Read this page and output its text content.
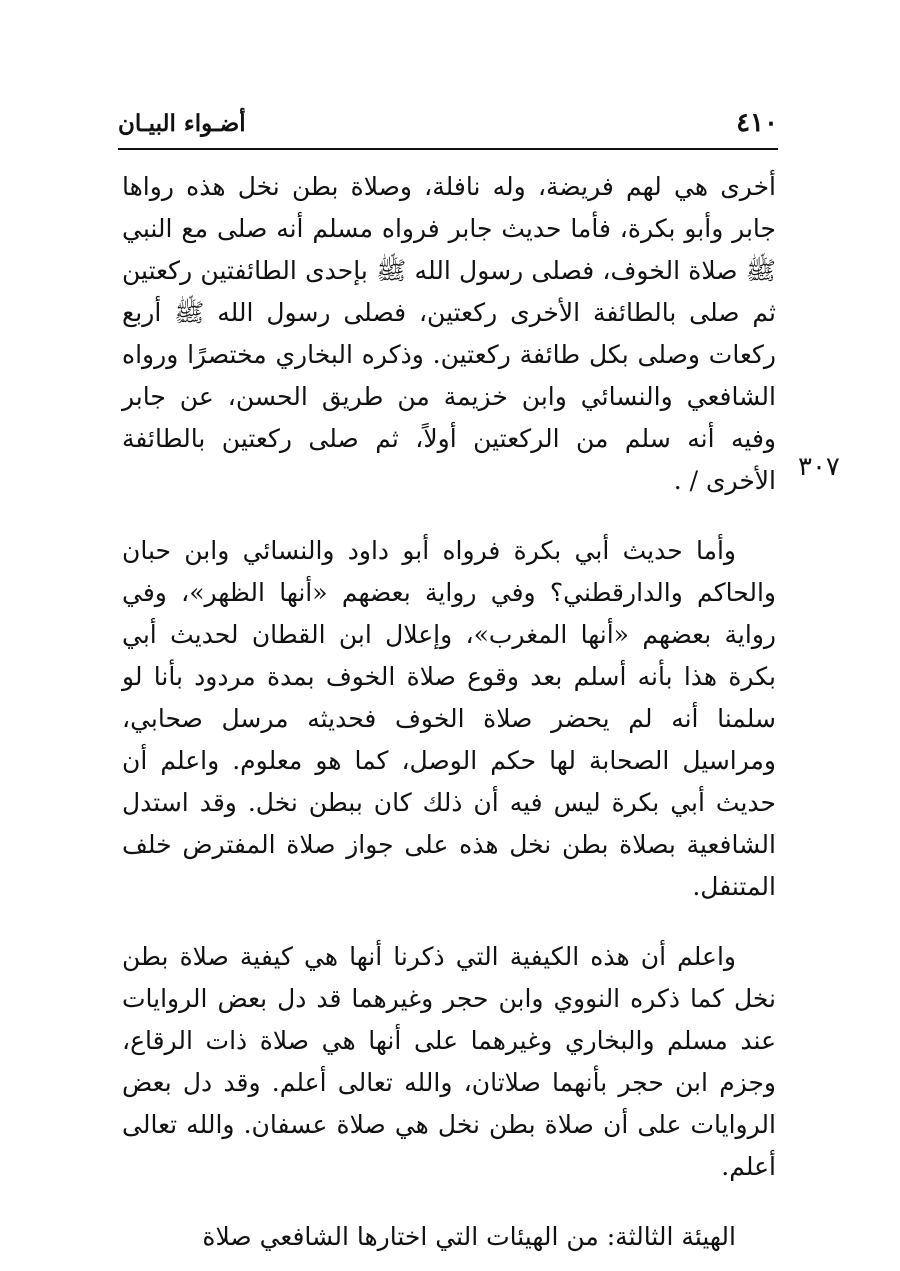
٤١٠
أضـواء البيـان
٣٠٧

أخرى هي لهم فريضة، وله نافلة، وصلاة بطن نخل هذه رواها جابر وأبو بكرة، فأما حديث جابر فرواه مسلم أنه صلى مع النبي ﷺ صلاة الخوف، فصلى رسول الله ﷺ بإحدى الطائفتين ركعتين ثم صلى بالطائفة الأخرى ركعتين، فصلى رسول الله ﷺ أربع ركعات وصلى بكل طائفة ركعتين. وذكره البخاري مختصرًا ورواه الشافعي والنسائي وابن خزيمة من طريق الحسن، عن جابر وفيه أنه سلم من الركعتين أولاً، ثم صلى ركعتين بالطائفة الأخرى / .

وأما حديث أبي بكرة فرواه أبو داود والنسائي وابن حبان والحاكم والدارقطني؟ وفي رواية بعضهم «أنها الظهر»، وفي رواية بعضهم «أنها المغرب»، وإعلال ابن القطان لحديث أبي بكرة هذا بأنه أسلم بعد وقوع صلاة الخوف بمدة مردود بأنا لو سلمنا أنه لم يحضر صلاة الخوف فحديثه مرسل صحابي، ومراسيل الصحابة لها حكم الوصل، كما هو معلوم. واعلم أن حديث أبي بكرة ليس فيه أن ذلك كان ببطن نخل. وقد استدل الشافعية بصلاة بطن نخل هذه على جواز صلاة المفترض خلف المتنفل.

واعلم أن هذه الكيفية التي ذكرنا أنها هي كيفية صلاة بطن نخل كما ذكره النووي وابن حجر وغيرهما قد دل بعض الروايات عند مسلم والبخاري وغيرهما على أنها هي صلاة ذات الرقاع، وجزم ابن حجر بأنهما صلاتان، والله تعالى أعلم. وقد دل بعض الروايات على أن صلاة بطن نخل هي صلاة عسفان. والله تعالى أعلم.

الهيئة الثالثة: من الهيئات التي اختارها الشافعي صلاة
